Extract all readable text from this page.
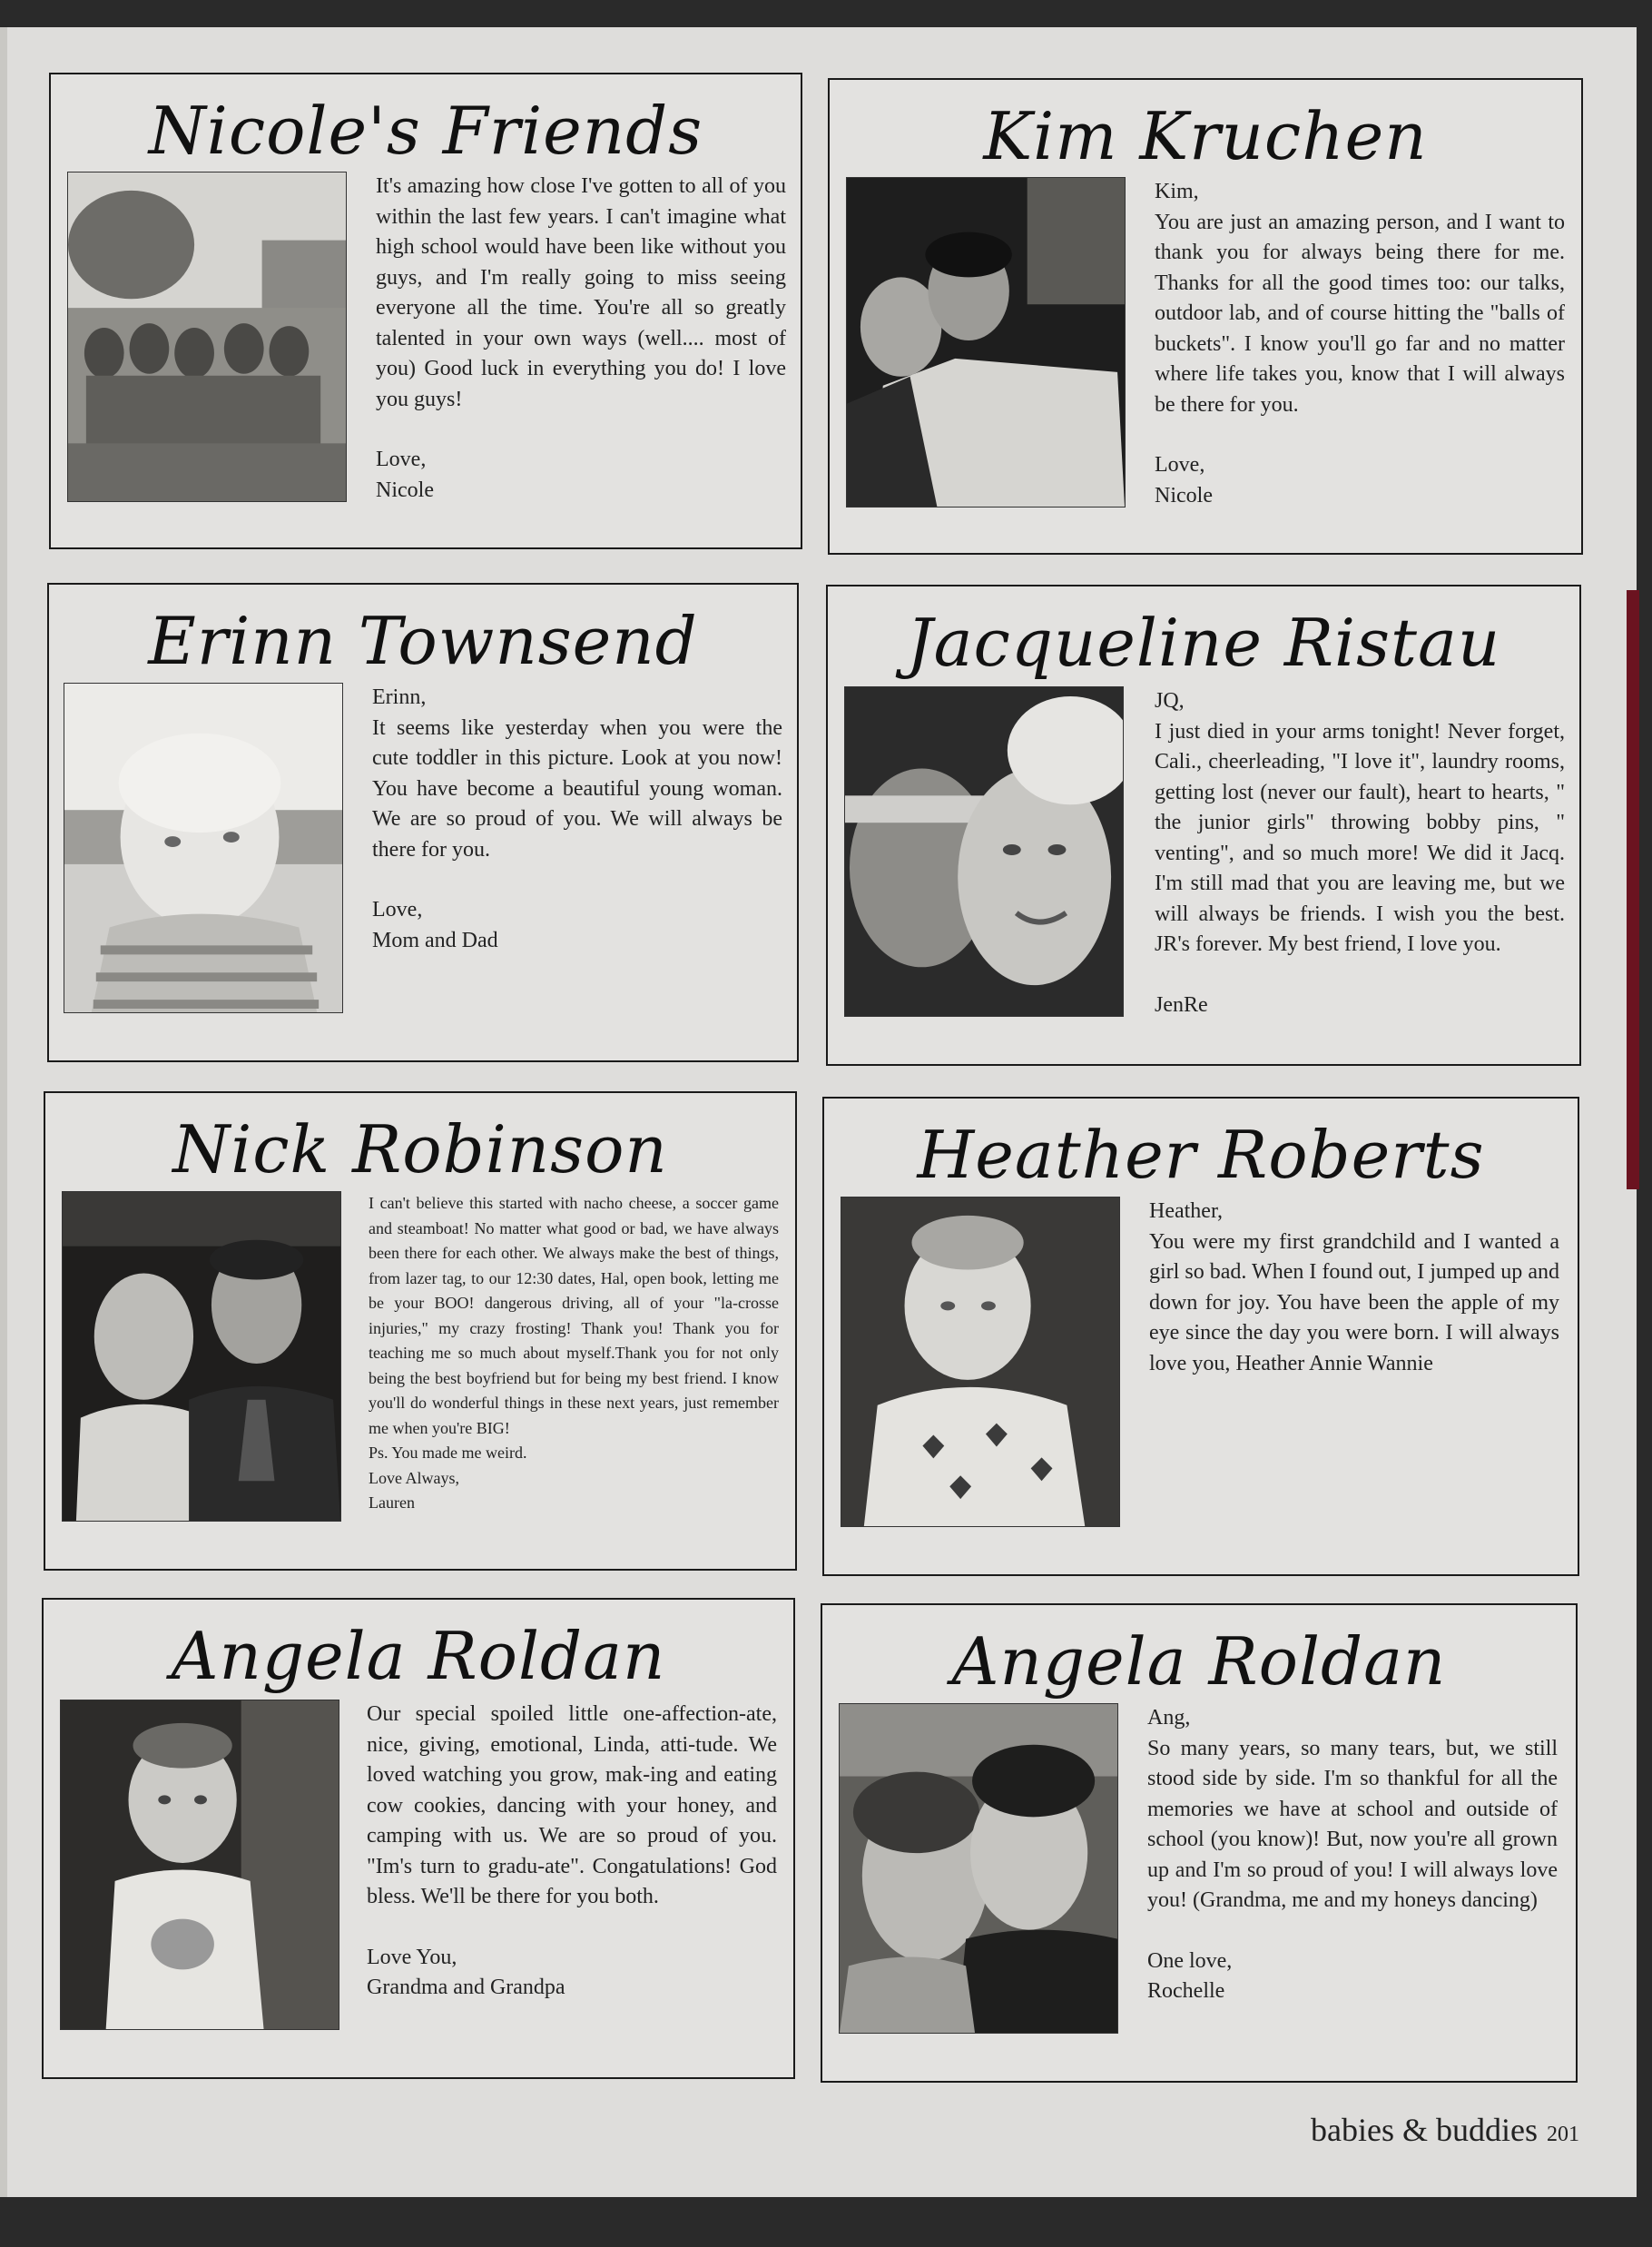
Nicole's Friends

It's amazing how close I've gotten to all of you within the last few years. I can't imagine what high school would have been like without you guys, and I'm really going to miss seeing everyone all the time. You're all so greatly talented in your own ways (well.... most of you) Good luck in everything you do! I love you guys!

Love,

Nicole

Kim Kruchen

Kim,

You are just an amazing person, and I want to thank you for always being there for me. Thanks for all the good times too: our talks, outdoor lab, and of course hitting the "balls of buckets". I know you'll go far and no matter where life takes you, know that I will always be there for you.

Love,

Nicole

Erinn Townsend

Erinn,

It seems like yesterday when you were the cute toddler in this picture. Look at you now! You have become a beautiful young woman. We are so proud of you. We will always be there for you.

Love,

Mom and Dad

Jacqueline Ristau

JQ,

I just died in your arms tonight! Never forget, Cali., cheerleading, "I love it", laundry rooms, getting lost (never our fault), heart to hearts, " the junior girls" throwing bobby pins, " venting", and so much more! We did it Jacq. I'm still mad that you are leaving me, but we will always be friends. I wish you the best. JR's forever. My best friend, I love you.

JenRe

Nick Robinson

I can't believe this started with nacho cheese, a soccer game and steamboat! No matter what good or bad, we have always been there for each other. We always make the best of things, from lazer tag, to our 12:30 dates, Hal, open book, letting me be your BOO! dangerous driving, all of your "la-crosse injuries," my crazy frosting! Thank you! Thank you for teaching me so much about myself.Thank you for not only being the best boyfriend but for being my best friend. I know you'll do wonderful things in these next years, just remember me when you're BIG!

Ps. You made me weird.

Love Always,

Lauren

Heather Roberts

Heather,

You were my first grandchild and I wanted a girl so bad. When I found out, I jumped up and down for joy. You have been the apple of my eye since the day you were born. I will always love you, Heather Annie Wannie

Angela Roldan

Our special spoiled little one-affection-ate, nice, giving, emotional, Linda, atti-tude. We loved watching you grow, mak-ing and eating cow cookies, dancing with your honey, and camping with us. We are so proud of you. "Im's turn to gradu-ate". Congatulations! God bless. We'll be there for you both.

Love You,

Grandma and Grandpa

Angela Roldan

Ang,

So many years, so many tears, but, we still stood side by side. I'm so thankful for all the memories we have at school and outside of school (you know)! But, now you're all grown up and I'm so proud of you! I will always love you! (Grandma, me and my honeys dancing)

One love,

Rochelle

babies & buddies 201
